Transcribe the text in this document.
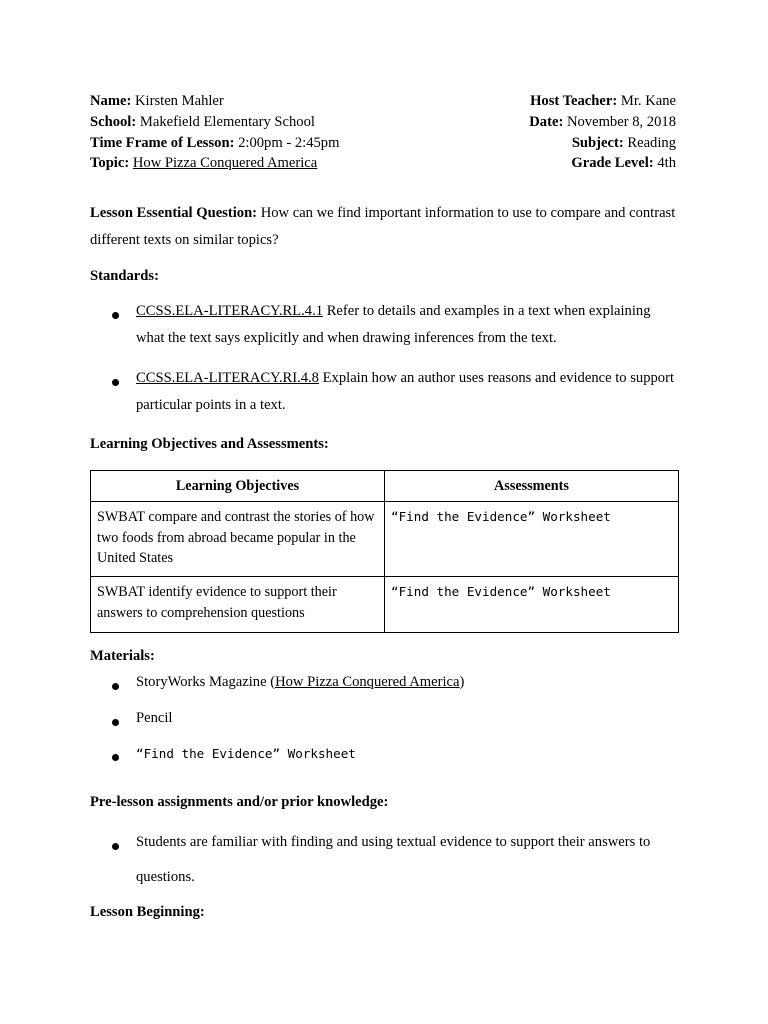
Name: Kirsten Mahler
School: Makefield Elementary School
Time Frame of Lesson: 2:00pm - 2:45pm
Topic: How Pizza Conquered America
Host Teacher: Mr. Kane
Date: November 8, 2018
Subject: Reading
Grade Level: 4th
Lesson Essential Question: How can we find important information to use to compare and contrast different texts on similar topics?
Standards:
CCSS.ELA-LITERACY.RL.4.1 Refer to details and examples in a text when explaining what the text says explicitly and when drawing inferences from the text.
CCSS.ELA-LITERACY.RI.4.8 Explain how an author uses reasons and evidence to support particular points in a text.
Learning Objectives and Assessments:
Learning Objectives	Assessments
SWBAT compare and contrast the stories of how two foods from abroad became popular in the United States	“Find the Evidence” Worksheet
SWBAT identify evidence to support their answers to comprehension questions	“Find the Evidence” Worksheet
Materials:
StoryWorks Magazine (How Pizza Conquered America)
Pencil
“Find the Evidence” Worksheet
Pre-lesson assignments and/or prior knowledge:
Students are familiar with finding and using textual evidence to support their answers to
questions.
Lesson Beginning:
